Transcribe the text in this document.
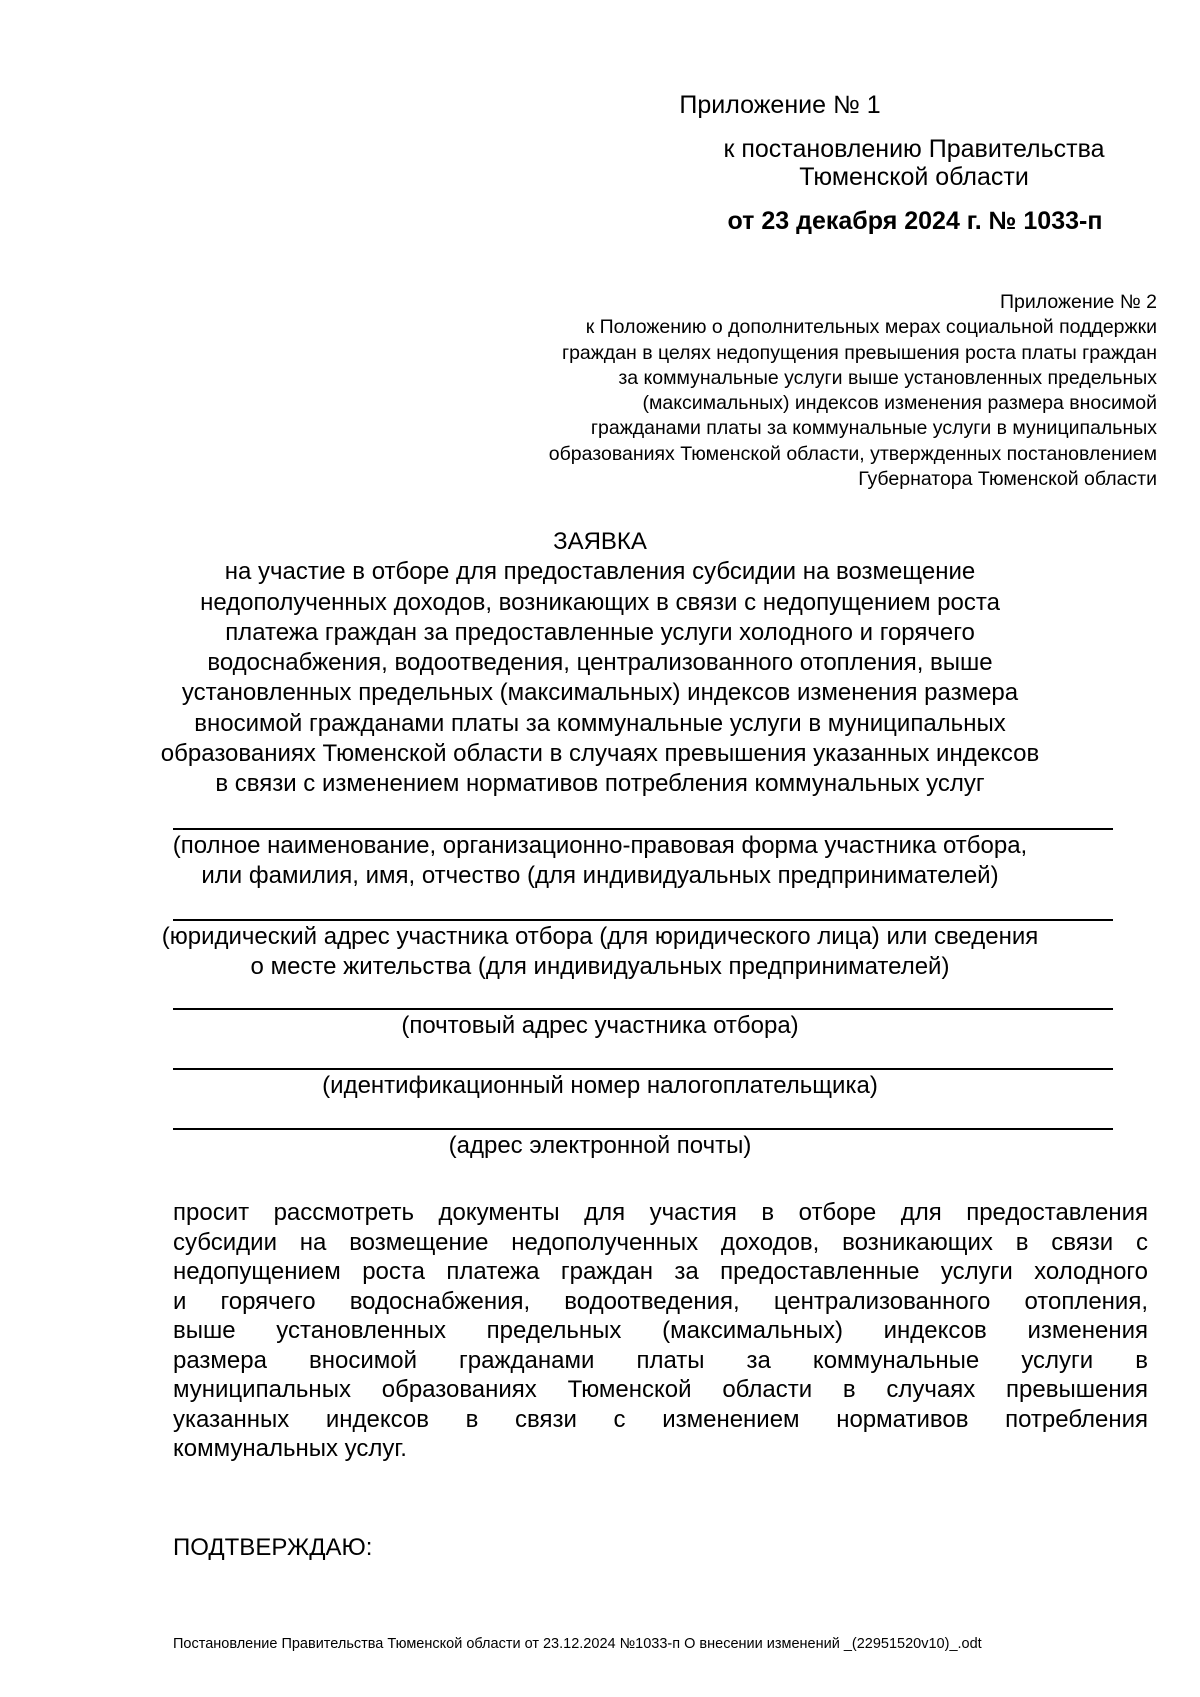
Приложение № 1
к постановлению Правительства
Тюменской области
от 23 декабря 2024 г. № 1033-п
Приложение № 2
к Положению о дополнительных мерах социальной поддержки
граждан в целях недопущения превышения роста платы граждан
за коммунальные услуги выше установленных предельных
(максимальных) индексов изменения размера вносимой
гражданами платы за коммунальные услуги в муниципальных
образованиях Тюменской области, утвержденных постановлением
Губернатора Тюменской области
ЗАЯВКА
на участие в отборе для предоставления субсидии на возмещение
недополученных доходов, возникающих в связи с недопущением роста
платежа граждан за предоставленные услуги холодного и горячего
водоснабжения, водоотведения, централизованного отопления, выше
установленных предельных (максимальных) индексов изменения размера
вносимой гражданами платы за коммунальные услуги в муниципальных
образованиях Тюменской области в случаях превышения указанных индексов
в связи с изменением нормативов потребления коммунальных услуг
(полное наименование, организационно-правовая форма участника отбора,
или фамилия, имя, отчество (для индивидуальных предпринимателей)
(юридический адрес участника отбора (для юридического лица) или сведения
о месте жительства (для индивидуальных предпринимателей)
(почтовый адрес участника отбора)
(идентификационный номер налогоплательщика)
(адрес электронной почты)
просит рассмотреть документы для участия в отборе для предоставления
субсидии на возмещение недополученных доходов, возникающих в связи с
недопущением роста платежа граждан за предоставленные услуги холодного
и горячего водоснабжения, водоотведения, централизованного отопления,
выше установленных предельных (максимальных) индексов изменения
размера вносимой гражданами платы за коммунальные услуги в
муниципальных образованиях Тюменской области в случаях превышения
указанных индексов в связи с изменением нормативов потребления
коммунальных услуг.
ПОДТВЕРЖДАЮ:
Постановление Правительства Тюменской области от 23.12.2024 №1033-п О внесении изменений _(22951520v10)_.odt
